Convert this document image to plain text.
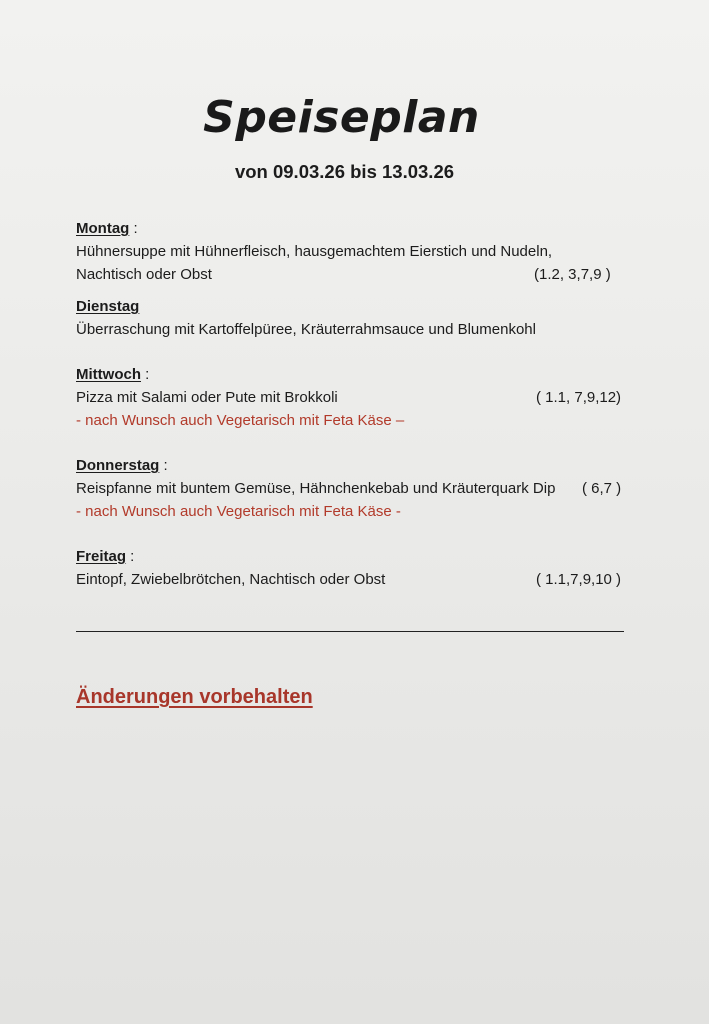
Speiseplan
von 09.03.26 bis 13.03.26
Montag :
Hühnersuppe mit Hühnerfleisch, hausgemachtem Eierstich und Nudeln,
Nachtisch oder Obst	(1.2, 3,7,9 )
Dienstag
Überraschung mit Kartoffelpüree, Kräuterrahmsauce und Blumenkohl
Mittwoch :
Pizza mit Salami oder Pute mit Brokkoli	( 1.1, 7,9,12)
- nach Wunsch auch Vegetarisch mit Feta Käse –
Donnerstag :
Reispfanne mit buntem Gemüse, Hähnchenkebab und Kräuterquark Dip ( 6,7 )
- nach Wunsch auch Vegetarisch mit Feta Käse -
Freitag :
Eintopf, Zwiebelbrötchen, Nachtisch oder Obst	( 1.1,7,9,10 )
Änderungen vorbehalten
